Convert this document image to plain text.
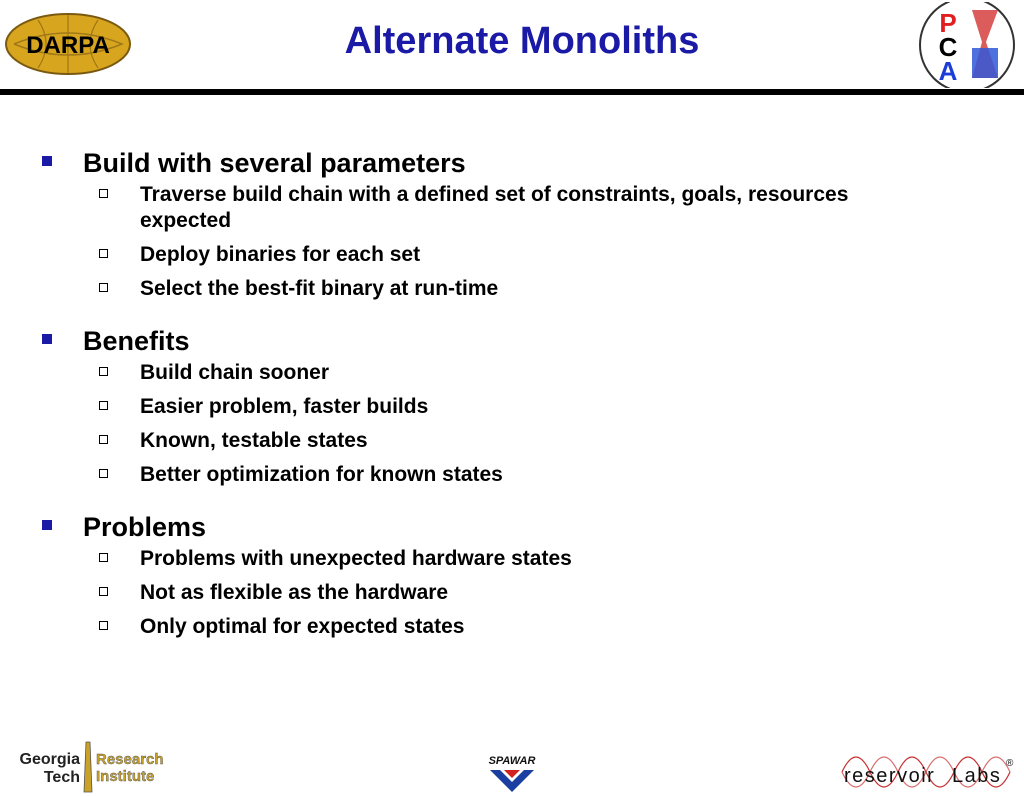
DARPA	Alternate Monoliths	P
C
A
Build with several parameters
Traverse build chain with a defined set of constraints, goals, resources expected
Deploy binaries for each set
Select the best-fit binary at run-time
Benefits
Build chain sooner
Easier problem, faster builds
Known, testable states
Better optimization for known states
Problems
Problems with unexpected hardware states
Not as flexible as the hardware
Only optimal for expected states
Georgia
Tech
Research
Institute
SPAWAR
reservoir Labs
®
